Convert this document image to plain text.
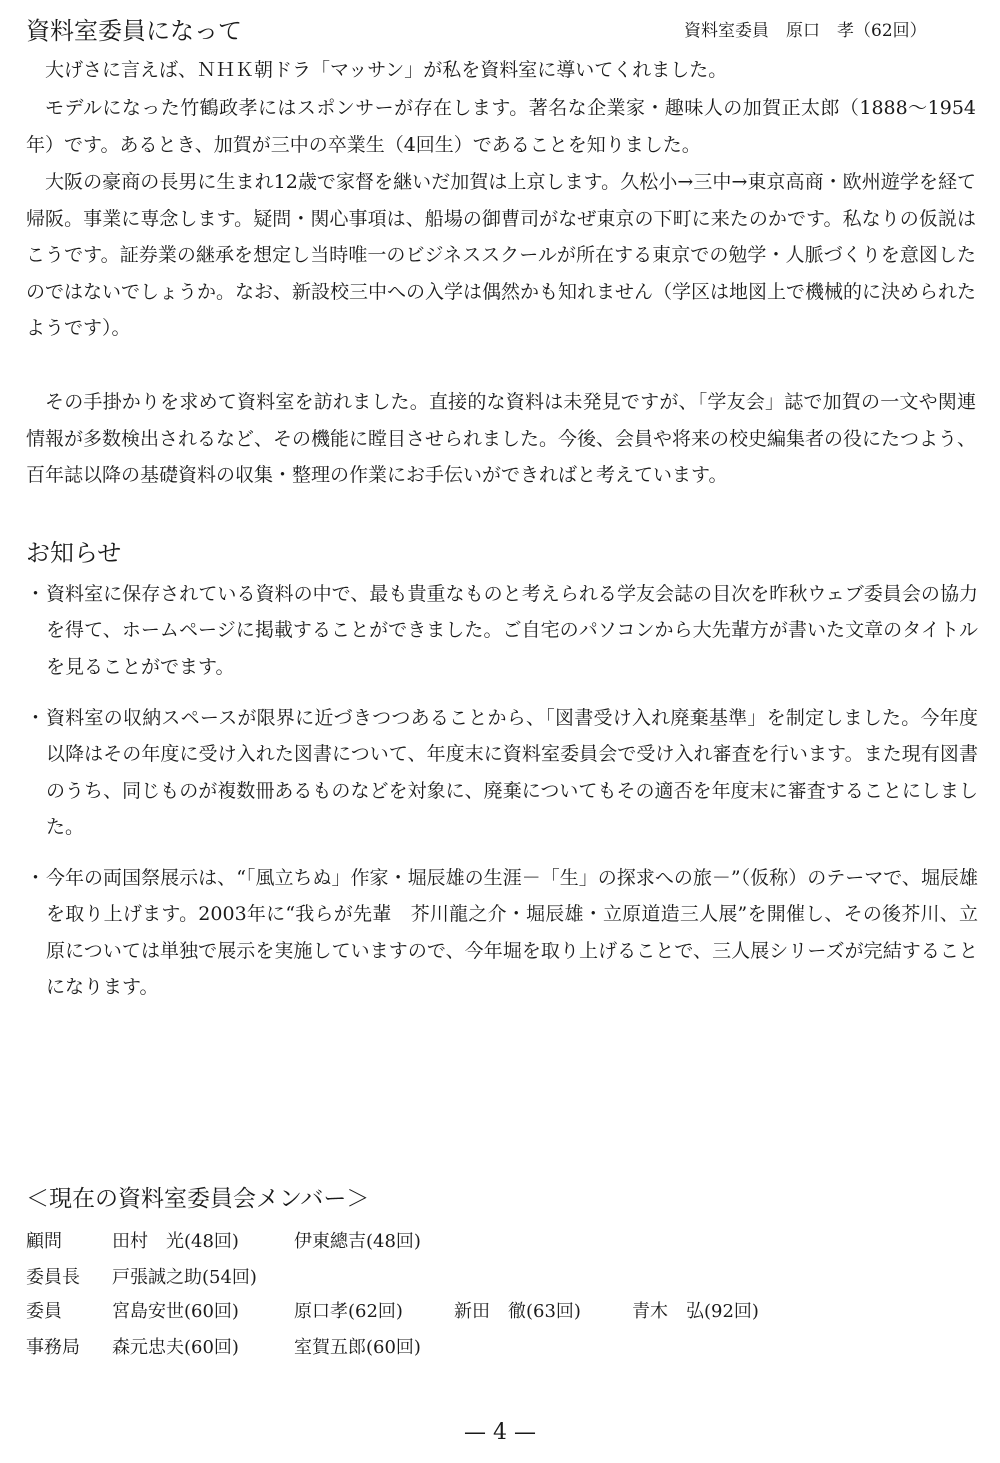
資料室委員になって	資料室委員　原口　孝（62回）
大げさに言えば、ＮＨＫ朝ドラ「マッサン」が私を資料室に導いてくれました。
モデルになった竹鶴政孝にはスポンサーが存在します。著名な企業家・趣味人の加賀正太郎（1888～1954年）です。あるとき、加賀が三中の卒業生（4回生）であることを知りました。
大阪の豪商の長男に生まれ12歳で家督を継いだ加賀は上京します。久松小→三中→東京高商・欧州遊学を経て帰阪。事業に専念します。疑問・関心事項は、船場の御曹司がなぜ東京の下町に来たのかです。私なりの仮説はこうです。証券業の継承を想定し当時唯一のビジネススクールが所在する東京での勉学・人脈づくりを意図したのではないでしょうか。なお、新設校三中への入学は偶然かも知れません（学区は地図上で機械的に決められたようです）。
その手掛かりを求めて資料室を訪れました。直接的な資料は未発見ですが、「学友会」誌で加賀の一文や関連情報が多数検出されるなど、その機能に瞠目させられました。今後、会員や将来の校史編集者の役にたつよう、百年誌以降の基礎資料の収集・整理の作業にお手伝いができればと考えています。
お知らせ
・ 資料室に保存されている資料の中で、最も貴重なものと考えられる学友会誌の目次を昨秋ウェブ委員会の協力を得て、ホームページに掲載することができました。ご自宅のパソコンから大先輩方が書いた文章のタイトルを見ることがでます。
・ 資料室の収納スペースが限界に近づきつつあることから、「図書受け入れ廃棄基準」を制定しました。今年度以降はその年度に受け入れた図書について、年度末に資料室委員会で受け入れ審査を行います。また現有図書のうち、同じものが複数冊あるものなどを対象に、廃棄についてもその適否を年度末に審査することにしました。
・ 今年の両国祭展示は、“「風立ちぬ」作家・堀辰雄の生涯－「生」の探求への旅－”（仮称）のテーマで、堀辰雄を取り上げます。2003年に“我らが先輩　芥川龍之介・堀辰雄・立原道造三人展”を開催し、その後芥川、立原については単独で展示を実施していますので、今年堀を取り上げることで、三人展シリーズが完結することになります。
＜現在の資料室委員会メンバー＞
顧問	田村　光(48回)	伊東總吉(48回)
委員長 戸張誠之助(54回)
委員	宮島安世(60回)	原口孝(62回)	新田　徹(63回)	青木　弘(92回)
事務局 森元忠夫(60回)	室賀五郎(60回)
— 4 —
